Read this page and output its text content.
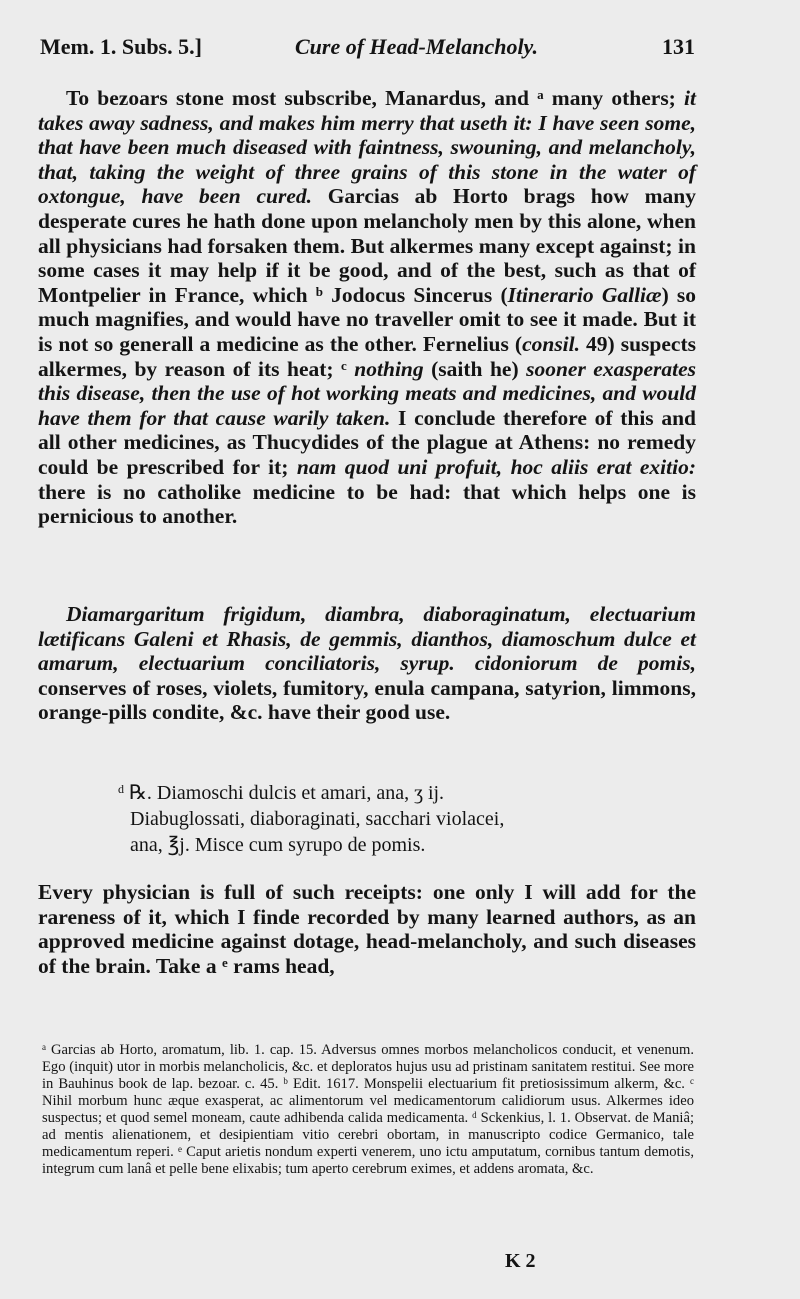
Mem. 1. Subs. 5.]	Cure of Head-Melancholy.	131

To bezoars stone most subscribe, Manardus, and $^a$ many others; it takes away sadness, and makes him merry that useth it: I have seen some, that have been much diseased with faintness, swouning, and melancholy, that, taking the weight of three grains of this stone in the water of oxtongue, have been cured. Garcias ab Horto brags how many desperate cures he hath done upon melancholy men by this alone, when all physicians had forsaken them. But alkermes many except against; in some cases it may help if it be good, and of the best, such as that of Montpelier in France, which $^b$ Jodocus Sincerus (Itinerario Galliæ) so much magnifies, and would have no traveller omit to see it made. But it is not so generall a medicine as the other. Fernelius (consil. 49) suspects alkermes, by reason of its heat; $^c$ nothing (saith he) sooner exasperates this disease, then the use of hot working meats and medicines, and would have them for that cause warily taken. I conclude therefore of this and all other medicines, as Thucydides of the plague at Athens: no remedy could be prescribed for it; nam quod uni profuit, hoc aliis erat exitio: there is no catholike medicine to be had: that which helps one is pernicious to another.

Diamargaritum frigidum, diambra, diaboraginatum, electuarium lætificans Galeni et Rhasis, de gemmis, dianthos, diamoschum dulce et amarum, electuarium conciliatoris, syrup. cidoniorum de pomis, conserves of roses, violets, fumitory, enula campana, satyrion, limmons, orange-pills condite, &c. have their good use.

$^d$ ℞. Diamoschi dulcis et amari, ana, ʒ ij.
Diabuglossati, diaboraginati, sacchari violacei,
ana, ℥j. Misce cum syrupo de pomis.

Every physician is full of such receipts: one only I will add for the rareness of it, which I finde recorded by many learned authors, as an approved medicine against dotage, head-melancholy, and such diseases of the brain. Take a $^e$ rams head,

$^a$ Garcias ab Horto, aromatum, lib. 1. cap. 15. Adversus omnes morbos melancholicos conducit, et venenum. Ego (inquit) utor in morbis melancholicis, &c. et deploratos hujus usu ad pristinam sanitatem restitui. See more in Bauhinus book de lap. bezoar. c. 45. $^b$ Edit. 1617. Monspelii electuarium fit pretiosissimum alkerm, &c. $^c$ Nihil morbum hunc æque exasperat, ac alimentorum vel medicamentorum calidiorum usus. Alkermes ideo suspectus; et quod semel moneam, caute adhibenda calida medicamenta. $^d$ Sckenkius, l. 1. Observat. de Maniâ; ad mentis alienationem, et desipientiam vitio cerebri obortam, in manuscripto codice Germanico, tale medicamentum reperi. $^e$ Caput arietis nondum experti venerem, uno ictu amputatum, cornibus tantum demotis, integrum cum lanâ et pelle bene elixabis; tum aperto cerebrum eximes, et addens aromata, &c.

K 2
